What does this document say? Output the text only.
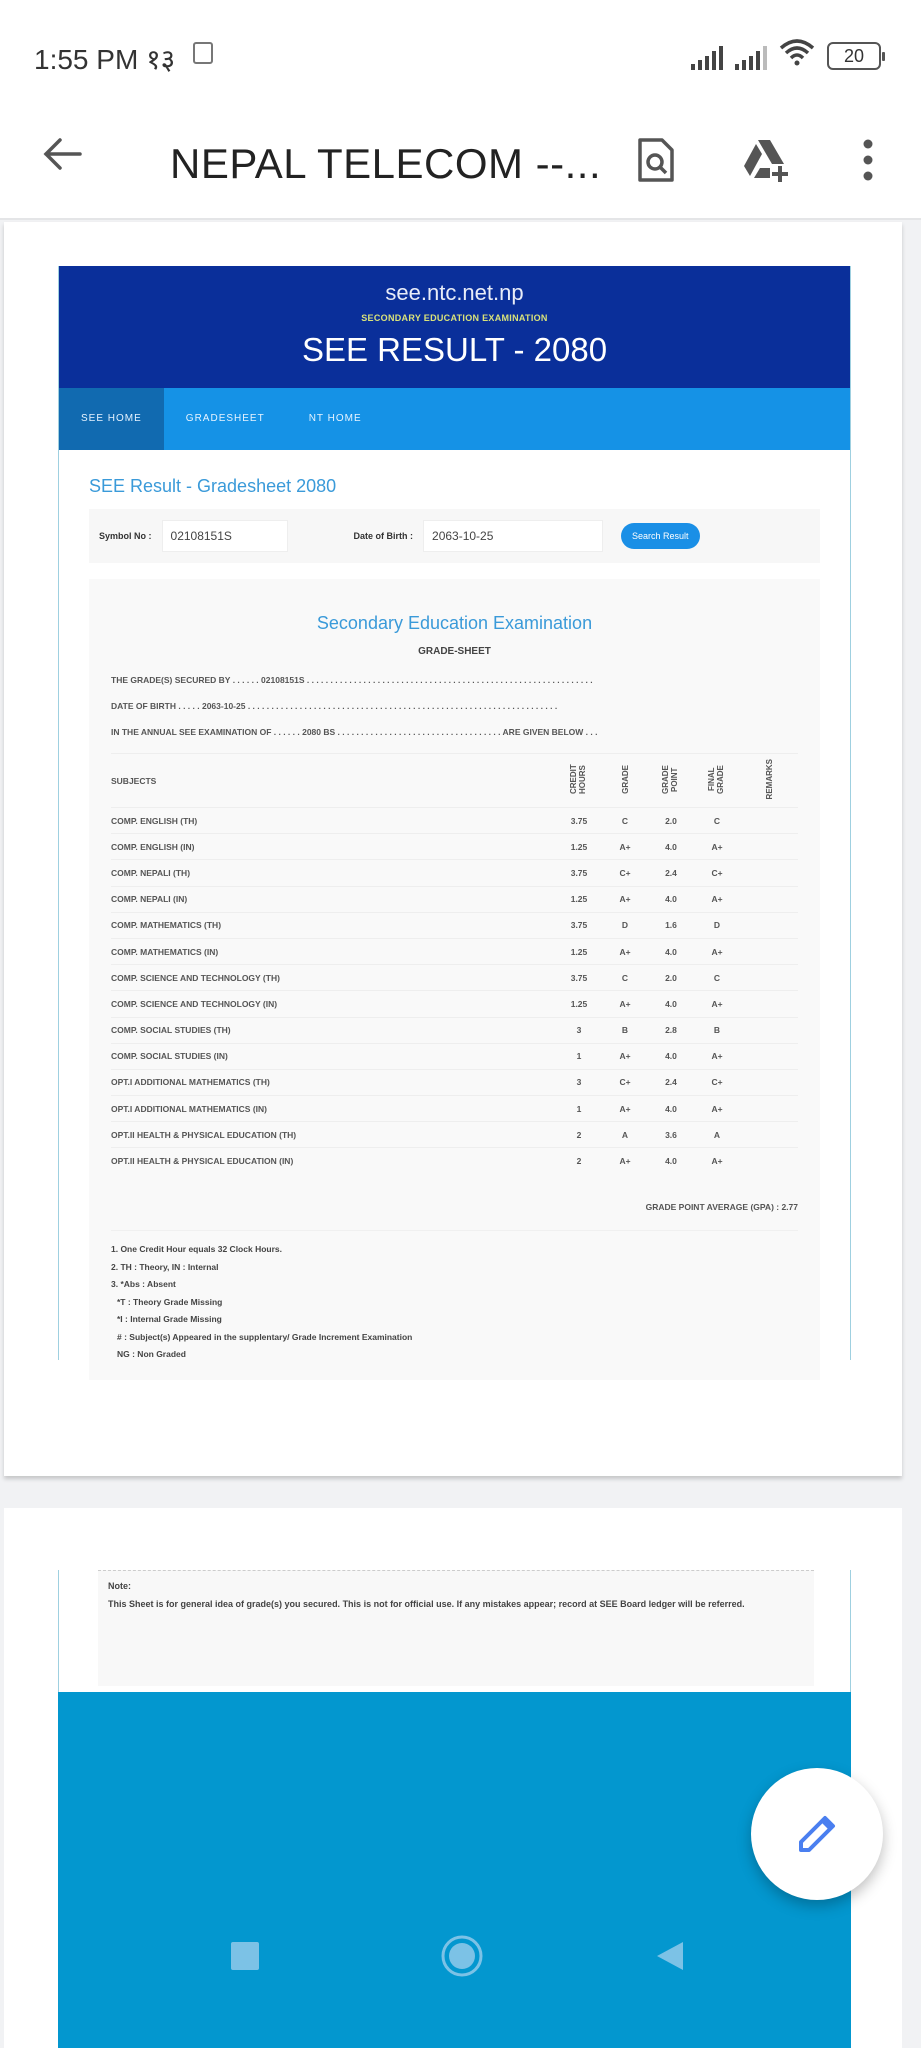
1:55 PM १३	20
NEPAL TELECOM --...
see.ntc.net.np
SECONDARY EDUCATION EXAMINATION
SEE RESULT - 2080
SEE HOME	GRADESHEET	NT HOME
SEE Result - Gradesheet 2080
Symbol No :	02108151S	Date of Birth :	2063-10-25	Search Result
Secondary Education Examination
GRADE-SHEET
THE GRADE(S) SECURED BY . . . . . . 02108151S . . . . . . . . . . . . . . . . . . . . . . . . . . . . . . . . . . . . . . . . . . . . . . . . . . . . . . . . . . . . .
DATE OF BIRTH . . . . . 2063-10-25 . . . . . . . . . . . . . . . . . . . . . . . . . . . . . . . . . . . . . . . . . . . . . . . . . . . . . . . . . . . . . . . . . .
IN THE ANNUAL SEE EXAMINATION OF . . . . . . 2080 BS . . . . . . . . . . . . . . . . . . . . . . . . . . . . . . . . . . . ARE GIVEN BELOW . . .
SUBJECTS	CREDIT HOURS	GRADE	GRADE POINT	FINAL GRADE	REMARKS
COMP. ENGLISH (TH)	3.75	C	2.0	C	
COMP. ENGLISH (IN)	1.25	A+	4.0	A+	
COMP. NEPALI (TH)	3.75	C+	2.4	C+	
COMP. NEPALI (IN)	1.25	A+	4.0	A+	
COMP. MATHEMATICS (TH)	3.75	D	1.6	D	
COMP. MATHEMATICS (IN)	1.25	A+	4.0	A+	
COMP. SCIENCE AND TECHNOLOGY (TH)	3.75	C	2.0	C	
COMP. SCIENCE AND TECHNOLOGY (IN)	1.25	A+	4.0	A+	
COMP. SOCIAL STUDIES (TH)	3	B	2.8	B	
COMP. SOCIAL STUDIES (IN)	1	A+	4.0	A+	
OPT.I ADDITIONAL MATHEMATICS (TH)	3	C+	2.4	C+	
OPT.I ADDITIONAL MATHEMATICS (IN)	1	A+	4.0	A+	
OPT.II HEALTH & PHYSICAL EDUCATION (TH)	2	A	3.6	A	
OPT.II HEALTH & PHYSICAL EDUCATION (IN)	2	A+	4.0	A+	
GRADE POINT AVERAGE (GPA) : 2.77
1. One Credit Hour equals 32 Clock Hours.
2. TH : Theory, IN : Internal
3. *Abs : Absent
*T : Theory Grade Missing
*I : Internal Grade Missing
# : Subject(s) Appeared in the supplentary/ Grade Increment Examination
NG : Non Graded
Note:
This Sheet is for general idea of grade(s) you secured. This is not for official use. If any mistakes appear; record at SEE Board ledger will be referred.
